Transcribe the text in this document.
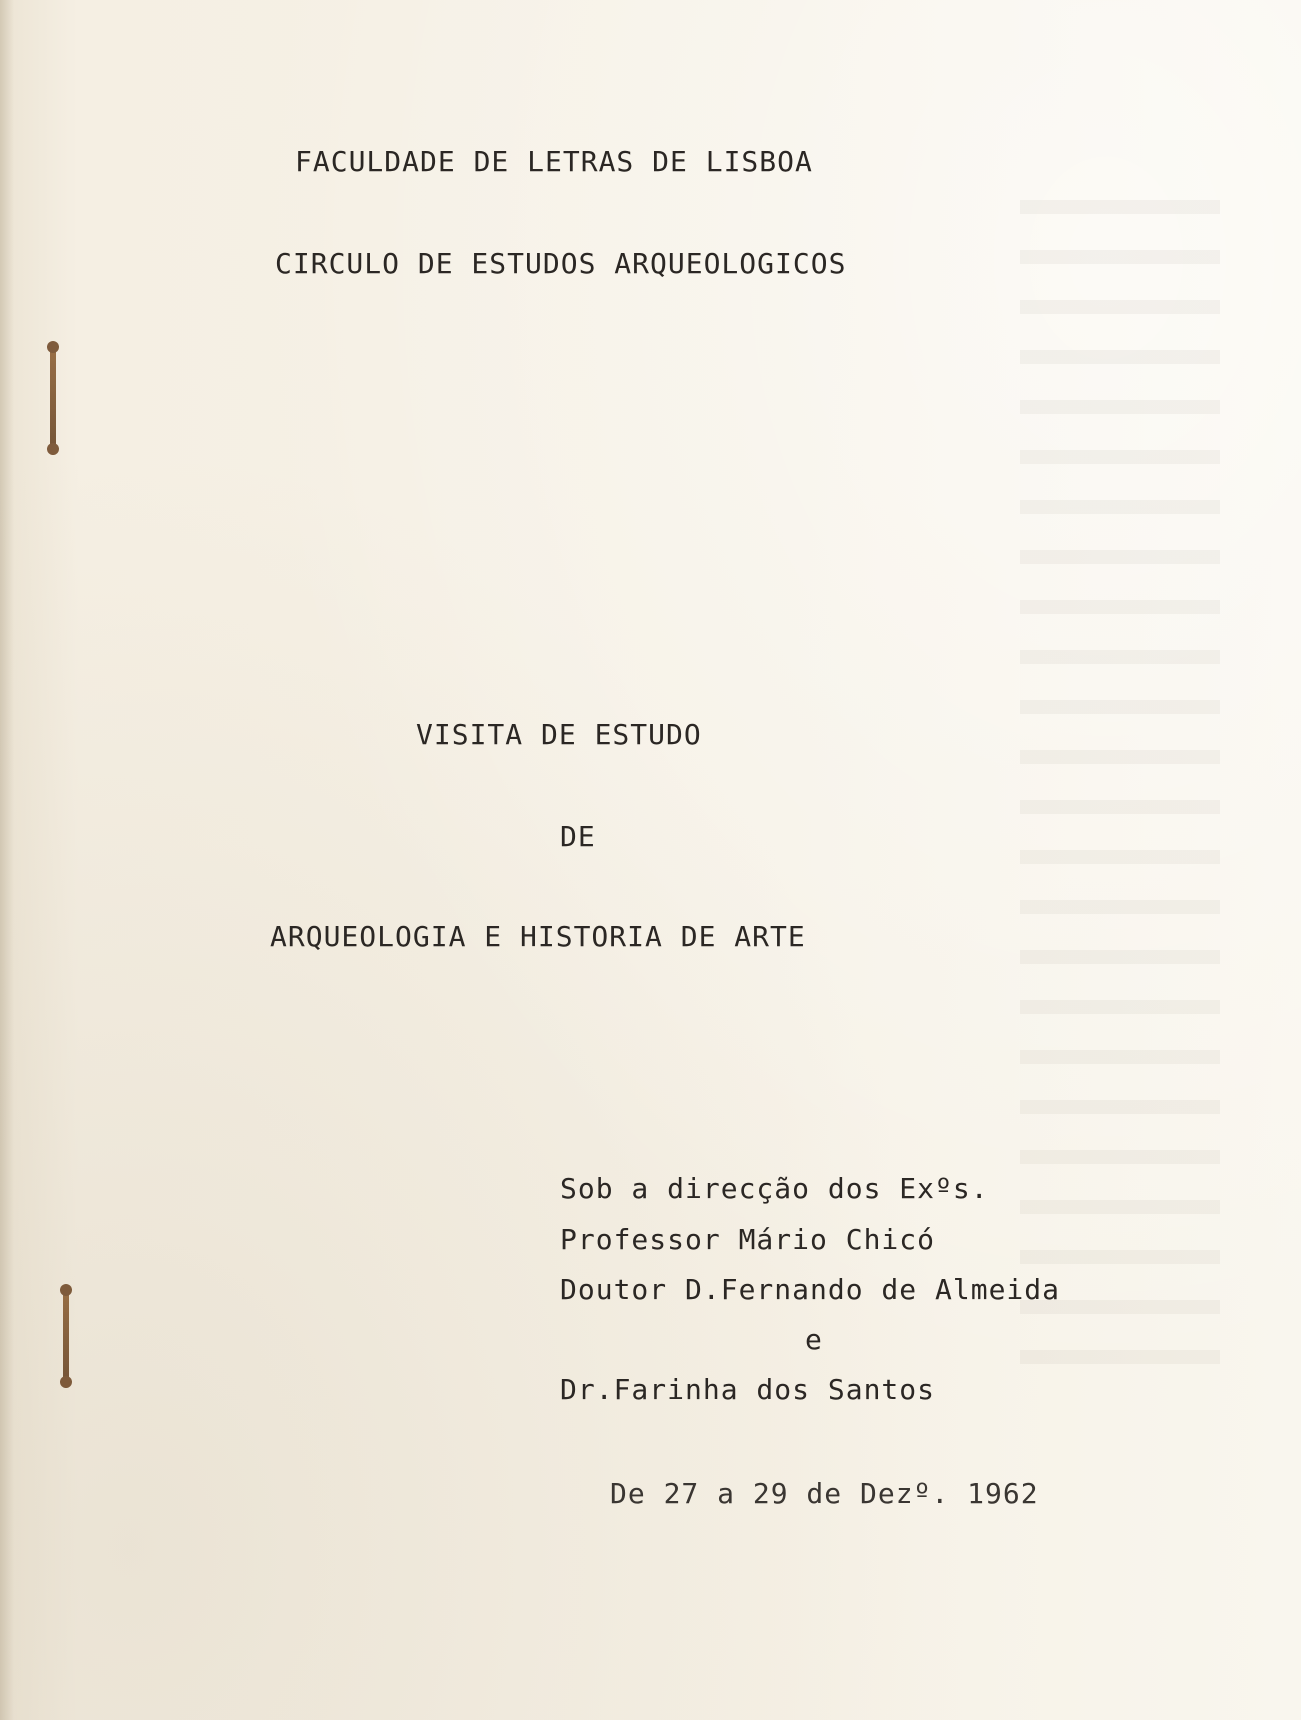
FACULDADE DE LETRAS DE LISBOA
CIRCULO DE ESTUDOS ARQUEOLOGICOS
VISITA DE ESTUDO
DE
ARQUEOLOGIA E HISTORIA DE ARTE
Sob a direcção dos Exºs.
Professor Mário Chicó
Doutor D.Fernando de Almeida
e
Dr.Farinha dos Santos
De 27 a 29 de Dezº. 1962
